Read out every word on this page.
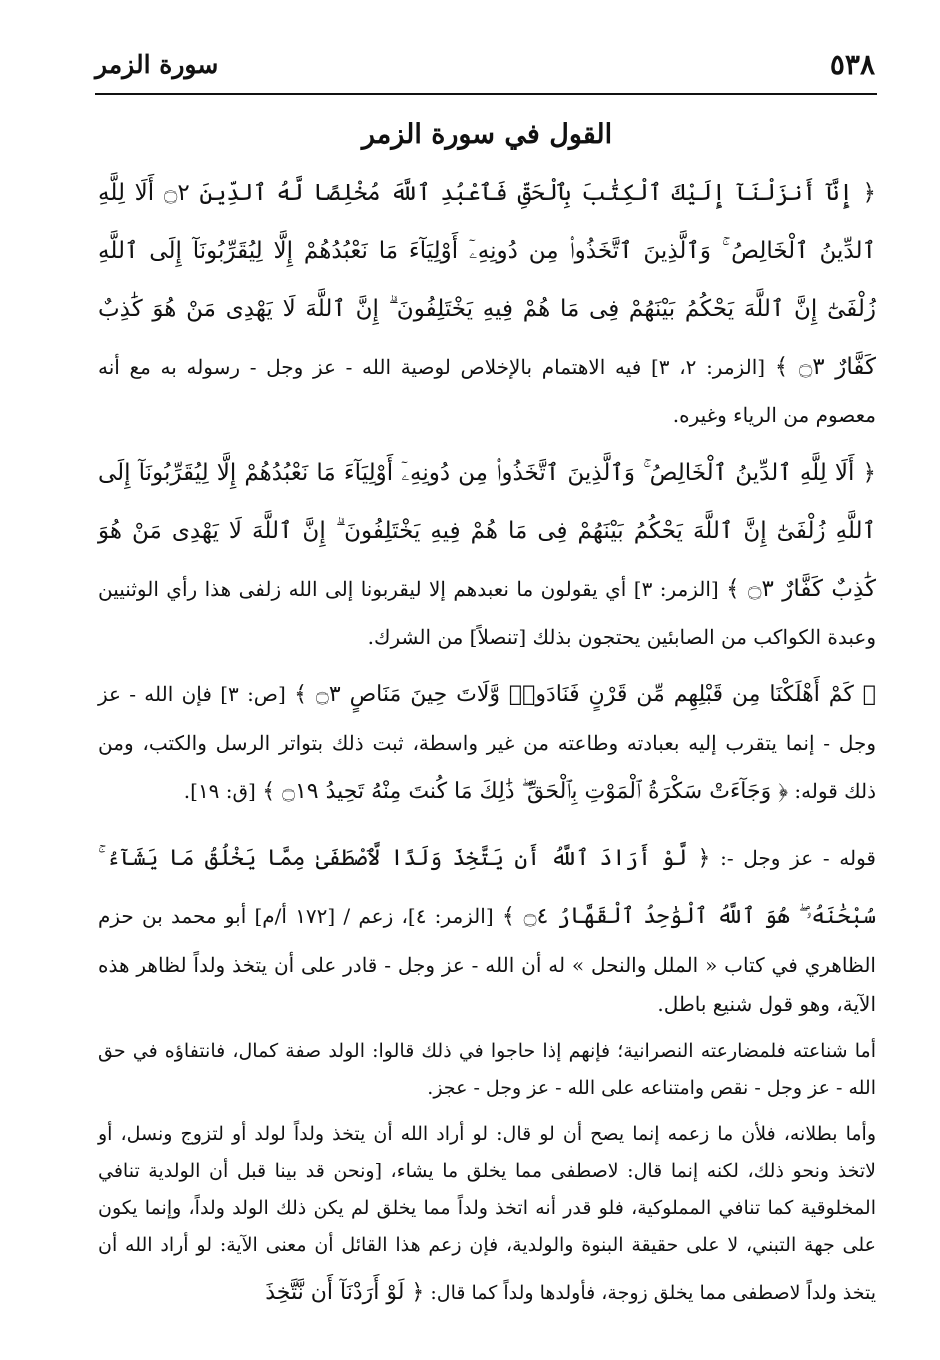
٥٣٨
سورة الزمر
القول في سورة الزمر

﴿ إِنَّآ أَنزَلْنَآ إِلَيْكَ ٱلْكِتَٰبَ بِٱلْحَقِّ فَٱعْبُدِ ٱللَّهَ مُخْلِصًا لَّهُ ٱلدِّينَ ۝٢ أَلَا لِلَّهِ ٱلدِّينُ ٱلْخَالِصُ ۚ وَٱلَّذِينَ ٱتَّخَذُوا۟ مِن دُونِهِۦٓ أَوْلِيَآءَ مَا نَعْبُدُهُمْ إِلَّا لِيُقَرِّبُونَآ إِلَى ٱللَّهِ زُلْفَىٰٓ إِنَّ ٱللَّهَ يَحْكُمُ بَيْنَهُمْ فِى مَا هُمْ فِيهِ يَخْتَلِفُونَ ۗ إِنَّ ٱللَّهَ لَا يَهْدِى مَنْ هُوَ كَٰذِبٌ كَفَّارٌ ۝٣ ﴾ [الزمر: ٢، ٣] فيه الاهتمام بالإخلاص لوصية الله - عز وجل - رسوله به مع أنه معصوم من الرياء وغيره.

﴿ أَلَا لِلَّهِ ٱلدِّينُ ٱلْخَالِصُ ۚ وَٱلَّذِينَ ٱتَّخَذُوا۟ مِن دُونِهِۦٓ أَوْلِيَآءَ مَا نَعْبُدُهُمْ إِلَّا لِيُقَرِّبُونَآ إِلَى ٱللَّهِ زُلْفَىٰٓ إِنَّ ٱللَّهَ يَحْكُمُ بَيْنَهُمْ فِى مَا هُمْ فِيهِ يَخْتَلِفُونَ ۗ إِنَّ ٱللَّهَ لَا يَهْدِى مَنْ هُوَ كَٰذِبٌ كَفَّارٌ ۝٣ ﴾ [الزمر: ٣] أي يقولون ما نعبدهم إلا ليقربونا إلى الله زلفى هذا رأي الوثنيين وعبدة الكواكب من الصابئين يحتجون بذلك [تنصلاً] من الشرك.

﴿ كَمْ أَهْلَكْنَا مِن قَبْلِهِم مِّن قَرْنٍ فَنَادَوا۟ وَّلَاتَ حِينَ مَنَاصٍ ۝٣ ﴾ [ص: ٣] فإن الله - عز وجل - إنما يتقرب إليه بعبادته وطاعته من غير واسطة، ثبت ذلك بتواتر الرسل والكتب، ومن ذلك قوله: ﴿ وَجَآءَتْ سَكْرَةُ ٱلْمَوْتِ بِٱلْحَقِّ ۖ ذَٰلِكَ مَا كُنتَ مِنْهُ تَحِيدُ ۝١٩ ﴾ [ق: ١٩].

قوله - عز وجل -: ﴿ لَّوْ أَرَادَ ٱللَّهُ أَن يَتَّخِذَ وَلَدًا لَّٱصْطَفَىٰ مِمَّا يَخْلُقُ مَا يَشَآءُ ۚ سُبْحَٰنَهُۥ ۖ هُوَ ٱللَّهُ ٱلْوَٰحِدُ ٱلْقَهَّارُ ۝٤ ﴾ [الزمر: ٤]، زعم / [١٧٢ أ/م] أبو محمد بن حزم الظاهري في كتاب « الملل والنحل » له أن الله - عز وجل - قادر على أن يتخذ ولداً لظاهر هذه الآية، وهو قول شنيع باطل.

أما شناعته فلمضارعته النصرانية؛ فإنهم إذا حاجوا في ذلك قالوا: الولد صفة كمال، فانتفاؤه في حق الله - عز وجل - نقص وامتناعه على الله - عز وجل - عجز.

وأما بطلانه، فلأن ما زعمه إنما يصح أن لو قال: لو أراد الله أن يتخذ ولداً لولد أو لتزوج ونسل، أو لاتخذ ونحو ذلك، لكنه إنما قال: لاصطفى مما يخلق ما يشاء، [ونحن قد بينا قبل أن الولدية تنافي المخلوقية كما تنافي المملوكية، فلو قدر أنه اتخذ ولداً مما يخلق لم يكن ذلك الولد ولداً، وإنما يكون على جهة التبني، لا على حقيقة البنوة والولدية، فإن زعم هذا القائل أن معنى الآية: لو أراد الله أن يتخذ ولداً لاصطفى مما يخلق زوجة، فأولدها ولداً كما قال: ﴿ لَوْ أَرَدْنَآ أَن نَّتَّخِذَ
